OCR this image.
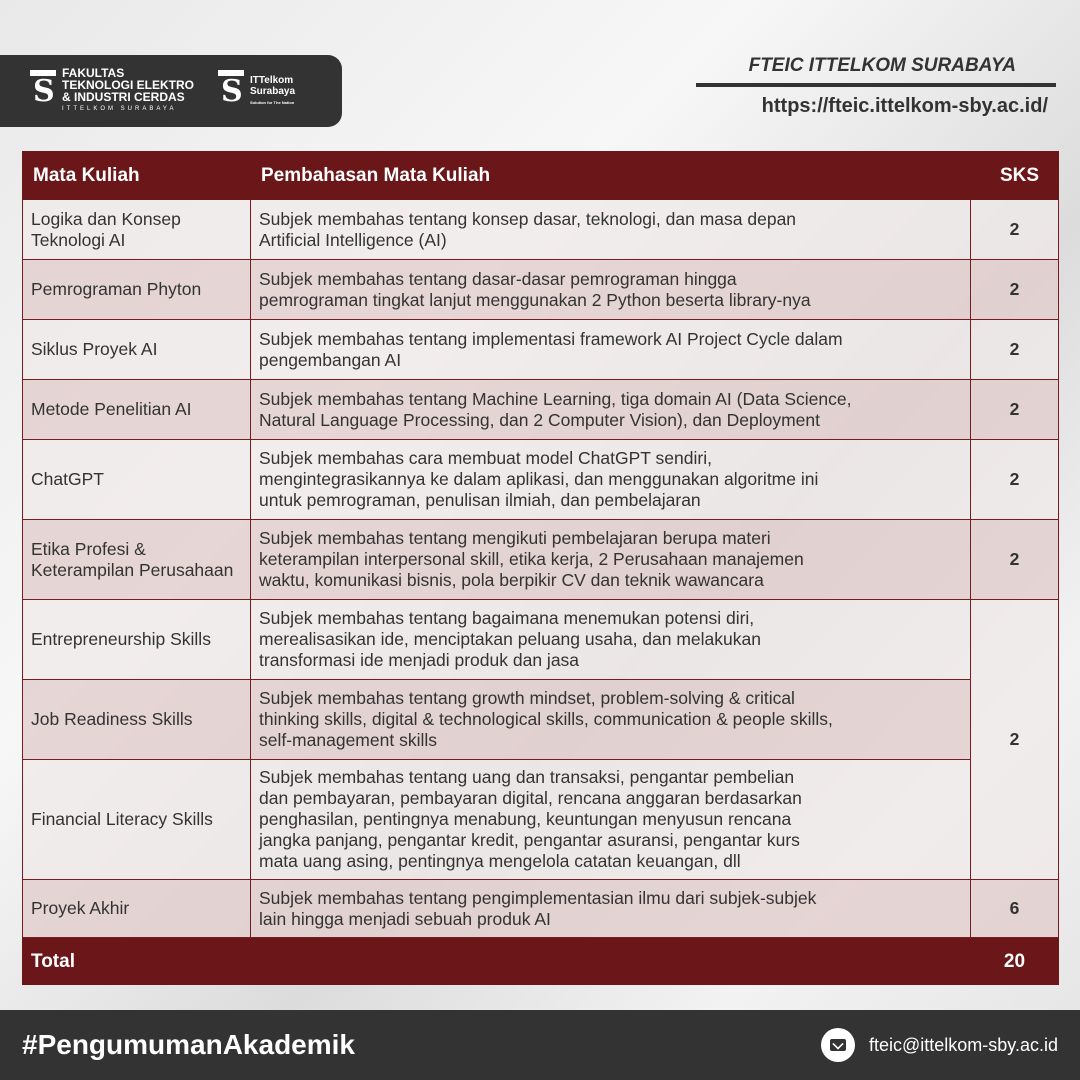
S
FAKULTAS
TEKNOLOGI ELEKTRO
& INDUSTRI CERDAS
ITTELKOM SURABAYA
S
ITTelkom
Surabaya
Solution for The Nation
FTEIC ITTELKOM SURABAYA
https://fteic.ittelkom-sby.ac.id/
Mata Kuliah	Pembahasan Mata Kuliah	SKS
Logika dan Konsep Teknologi AI	Subjek membahas tentang konsep dasar, teknologi, dan masa depan
Artificial Intelligence (AI)	2
Pemrograman Phyton	Subjek membahas tentang dasar-dasar pemrograman hingga
pemrograman tingkat lanjut menggunakan 2 Python beserta library-nya	2
Siklus Proyek AI	Subjek membahas tentang implementasi framework AI Project Cycle dalam
pengembangan AI	2
Metode Penelitian AI	Subjek membahas tentang Machine Learning, tiga domain AI (Data Science,
Natural Language Processing, dan 2 Computer Vision), dan Deployment	2
ChatGPT	Subjek membahas cara membuat model ChatGPT sendiri,
mengintegrasikannya ke dalam aplikasi, dan menggunakan algoritme ini
untuk pemrograman, penulisan ilmiah, dan pembelajaran	2
Etika Profesi & Keterampilan Perusahaan	Subjek membahas tentang mengikuti pembelajaran berupa materi
keterampilan interpersonal skill, etika kerja, 2 Perusahaan manajemen
waktu, komunikasi bisnis, pola berpikir CV dan teknik wawancara	2
Entrepreneurship Skills	Subjek membahas tentang bagaimana menemukan potensi diri,
merealisasikan ide, menciptakan peluang usaha, dan melakukan
transformasi ide menjadi produk dan jasa	2
Job Readiness Skills	Subjek membahas tentang growth mindset, problem-solving & critical
thinking skills, digital & technological skills, communication & people skills,
self-management skills	

Financial Literacy Skills	Subjek membahas tentang uang dan transaksi, pengantar pembelian
dan pembayaran, pembayaran digital, rencana anggaran berdasarkan
penghasilan, pentingnya menabung, keuntungan menyusun rencana
jangka panjang, pengantar kredit, pengantar asuransi, pengantar kurs
mata uang asing, pentingnya mengelola catatan keuangan, dll	

Proyek Akhir	Subjek membahas tentang pengimplementasian ilmu dari subjek-subjek
lain hingga menjadi sebuah produk AI	6
Total		20
#PengumumanAkademik	fteic@ittelkom-sby.ac.id
